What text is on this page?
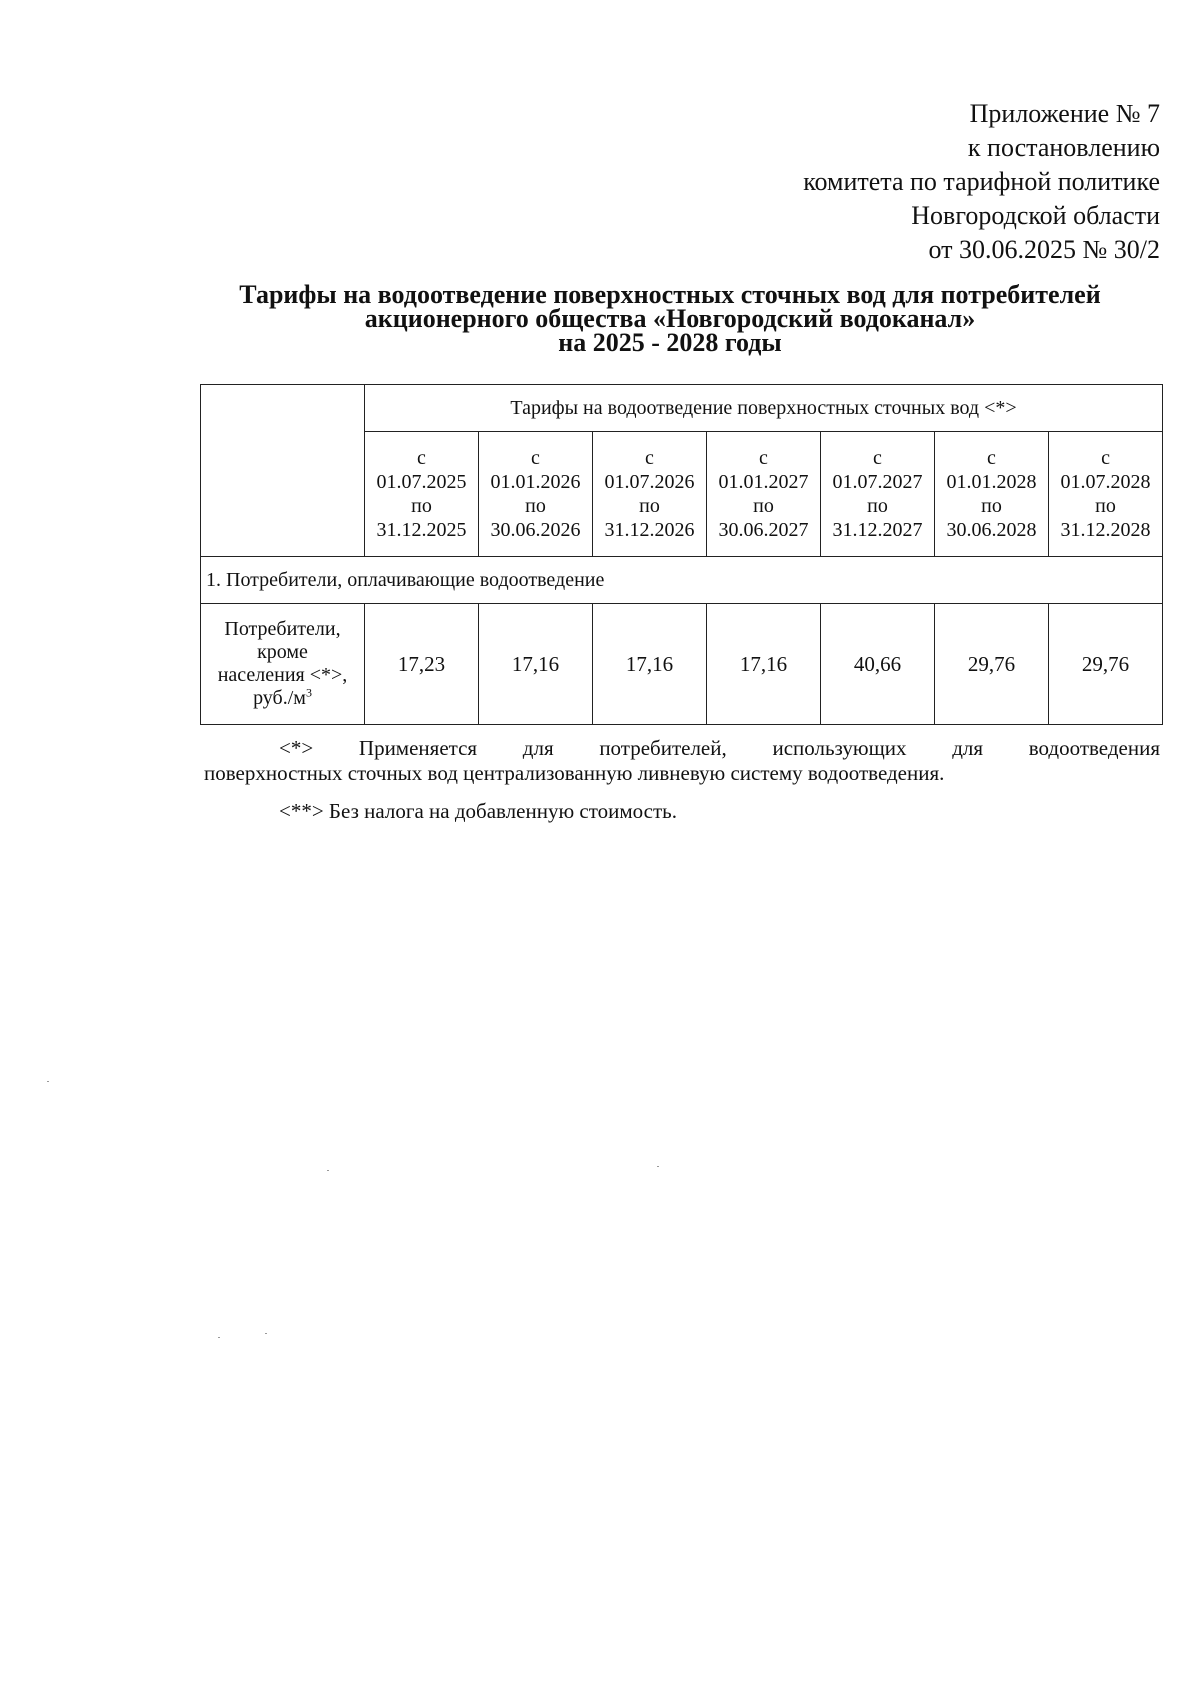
Приложение № 7
к постановлению
комитета по тарифной политике
Новгородской области
от 30.06.2025 № 30/2
Тарифы на водоотведение поверхностных сточных вод для потребителей
акционерного общества «Новгородский водоканал»
на 2025 - 2028 годы
	Тарифы на водоотведение поверхностных сточных вод <*>						

	с
01.07.2025
по
31.12.2025	с
01.01.2026
по
30.06.2026	с
01.07.2026
по
31.12.2026	с
01.01.2027
по
30.06.2027	с
01.07.2027
по
31.12.2027	с
01.01.2028
по
30.06.2028	с
01.07.2028
по
31.12.2028

1. Потребители, оплачивающие водоотведение							

Потребители,
кроме
населения <*>,
$руб./м^3$	17,23	17,16	17,16	17,16	40,66	29,76	29,76
<*> Применяется для потребителей, использующих для водоотведения
поверхностных сточных вод централизованную ливневую систему водоотведения.
<**> Без налога на добавленную стоимость.
